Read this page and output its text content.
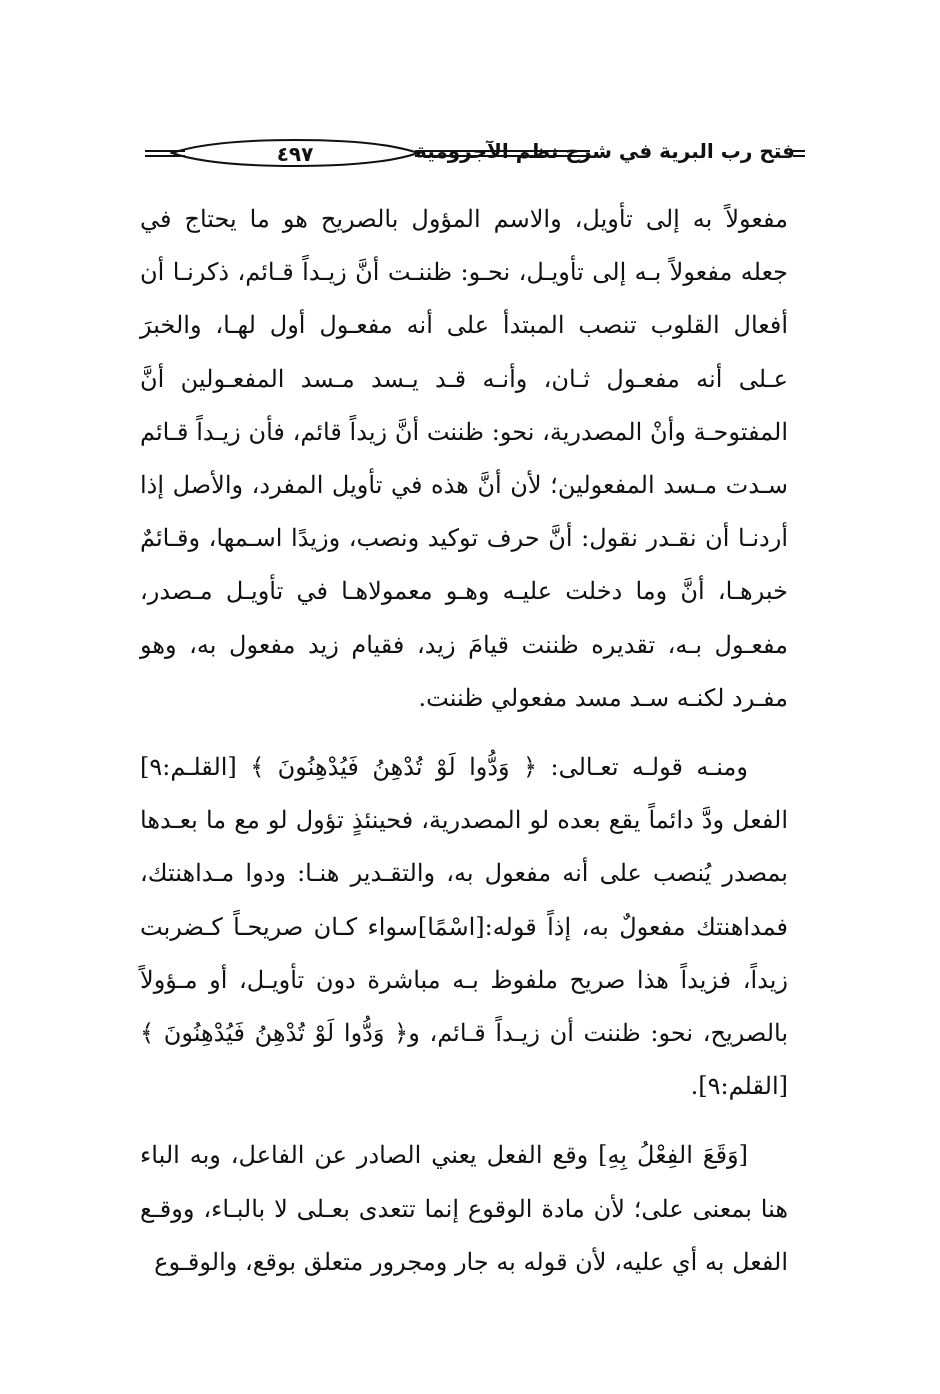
فتح رب البرية في شرح نظم الآجرومية
٤٩٧

مفعولاً به إلى تأويل، والاسم المؤول بالصريح هو ما يحتاج في جعله مفعولاً بـه إلى تأويـل، نحـو: ظننـت أنَّ زيـداً قـائم، ذكرنـا أن أفعال القلوب تنصب المبتدأ على أنه مفعـول أول لهـا، والخبرَ عـلى أنه مفعـول ثـان، وأنـه قـد يـسد مـسد المفعـولين أنَّ المفتوحـة وأنْ المصدرية، نحو: ظننت أنَّ زيداً قائم، فأن زيـداً قـائم سـدت مـسد المفعولين؛ لأن أنَّ هذه في تأويل المفرد، والأصل إذا أردنـا أن نقـدر نقول: أنَّ حرف توكيد ونصب، وزيدًا اسـمها، وقـائمٌ خبرهـا، أنَّ وما دخلت عليـه وهـو معمولاهـا في تأويـل مـصدر، مفعـول بـه، تقديره ظننت قيامَ زيد، فقيام زيد مفعول به، وهو مفـرد لكنـه سـد مسد مفعولي ظننت.

ومنـه قولـه تعـالى: ﴿ وَدُّوا لَوْ تُدْهِنُ فَيُدْهِنُونَ ﴾ [القلـم:٩] الفعل ودَّ دائماً يقع بعده لو المصدرية، فحينئذٍ تؤول لو مع ما بعـدها بمصدر يُنصب على أنه مفعول به، والتقـدير هنـا: ودوا مـداهنتك، فمداهنتك مفعولٌ به، إذاً قوله:[اسْمًا]سواء كـان صريحـاً كـضربت زيداً، فزيداً هذا صريح ملفوظ بـه مباشرة دون تأويـل، أو مـؤولاً بالصريح، نحو: ظننت أن زيـداً قـائم، و﴿ وَدُّوا لَوْ تُدْهِنُ فَيُدْهِنُونَ ﴾ [القلم:٩].

[وَقَعَ الفِعْلُ بِهِ] وقع الفعل يعني الصادر عن الفاعل، وبه الباء هنا بمعنى على؛ لأن مادة الوقوع إنما تتعدى بعـلى لا بالبـاء، ووقـع الفعل به أي عليه، لأن قوله به جار ومجرور متعلق بوقع، والوقـوع
